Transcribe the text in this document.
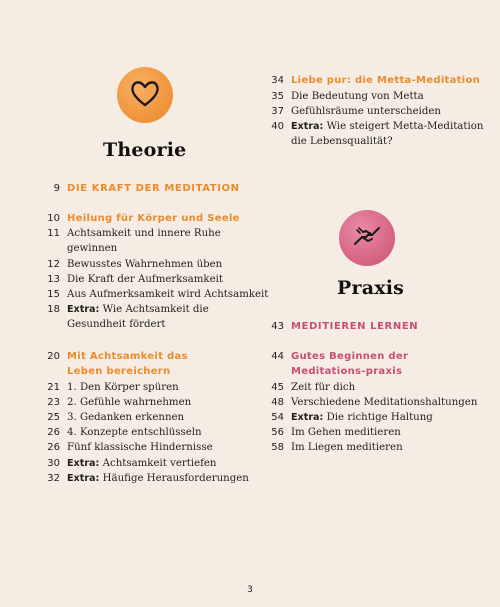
Theorie
9 DIE KRAFT DER MEDITATION
10 Heilung für Körper und Seele
11 Achtsamkeit und innere Ruhe gewinnen
12 Bewusstes Wahrnehmen üben
13 Die Kraft der Aufmerksamkeit
15 Aus Aufmerksamkeit wird Achtsamkeit
18 Extra: Wie Achtsamkeit die Gesundheit fördert
20 Mit Achtsamkeit das Leben bereichern
21 1. Den Körper spüren
23 2. Gefühle wahrnehmen
25 3. Gedanken erkennen
26 4. Konzepte entschlüsseln
26 Fünf klassische Hindernisse
30 Extra: Achtsamkeit vertiefen
32 Extra: Häufige Herausforderungen
34 Liebe pur: die Metta-Meditation
35 Die Bedeutung von Metta
37 Gefühlsräume unterscheiden
40 Extra: Wie steigert Metta-Meditation die Lebensqualität?
Praxis
43 MEDITIEREN LERNEN
44 Gutes Beginnen der Meditations-praxis
45 Zeit für dich
48 Verschiedene Meditationshaltungen
54 Extra: Die richtige Haltung
56 Im Gehen meditieren
58 Im Liegen meditieren
3
